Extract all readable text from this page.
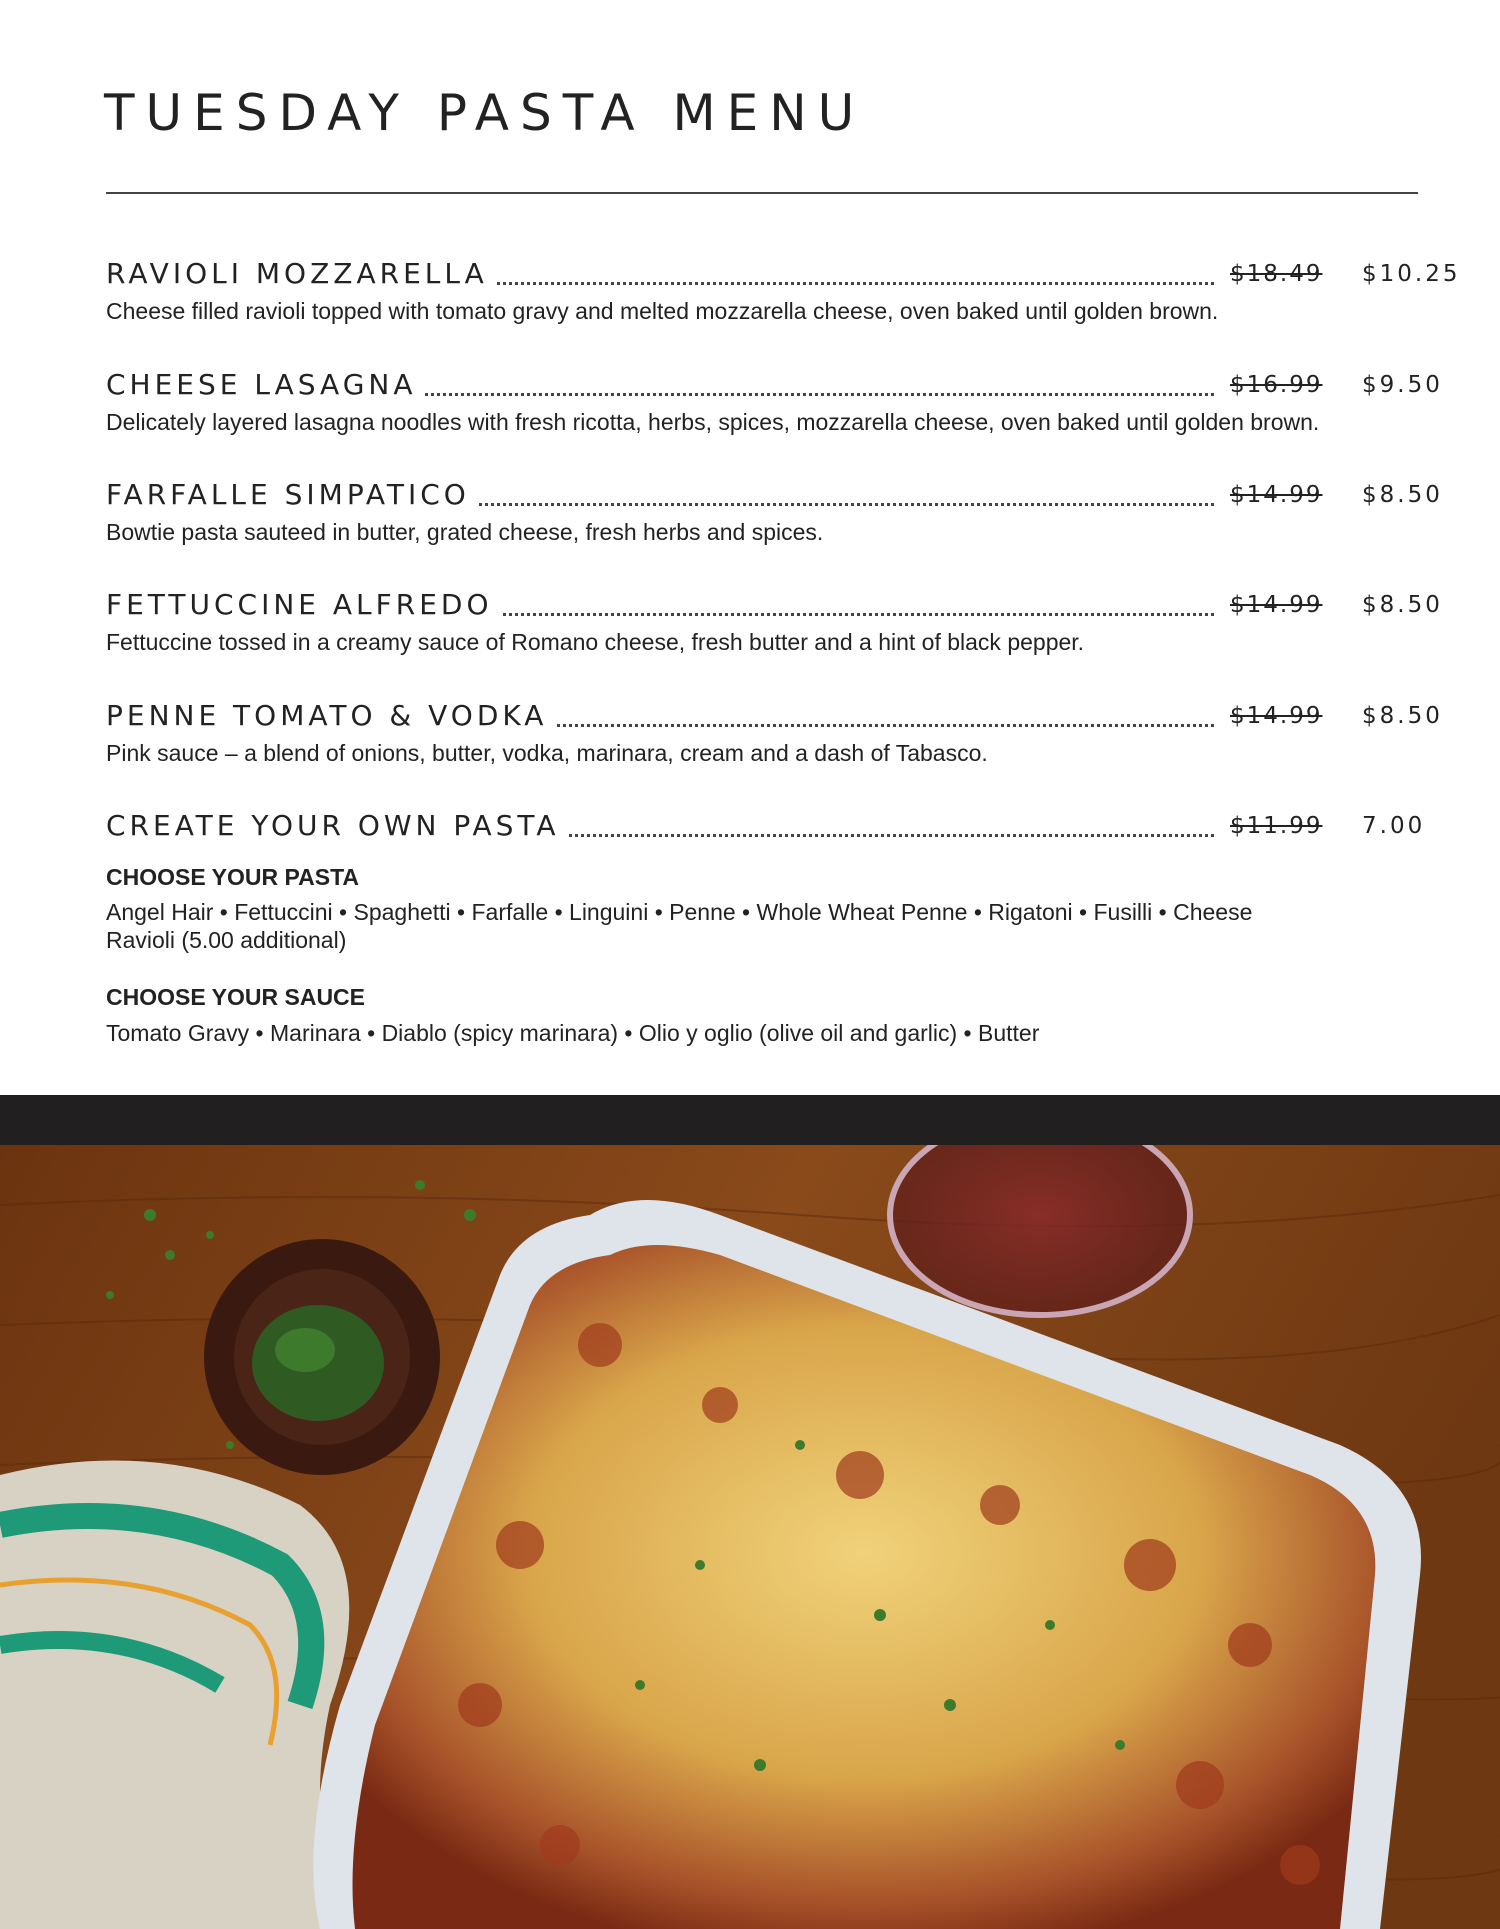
TUESDAY PASTA MENU
RAVIOLI MOZZARELLA	$18.49 $10.25
Cheese filled ravioli topped with tomato gravy and melted mozzarella cheese, oven baked until golden brown.
CHEESE LASAGNA	$16.99 $9.50
Delicately layered lasagna noodles with fresh ricotta, herbs, spices, mozzarella cheese, oven baked until golden brown.
FARFALLE SIMPATICO	$14.99 $8.50
Bowtie pasta sauteed in butter, grated cheese, fresh herbs and spices.
FETTUCCINE ALFREDO	$14.99 $8.50
Fettuccine tossed in a creamy sauce of Romano cheese, fresh butter and a hint of black pepper.
PENNE TOMATO & VODKA	$14.99 $8.50
Pink sauce – a blend of onions, butter, vodka, marinara, cream and a dash of Tabasco.
CREATE YOUR OWN PASTA	$11.99 7.00
CHOOSE YOUR PASTA
Angel Hair • Fettuccini • Spaghetti • Farfalle • Linguini • Penne • Whole Wheat Penne • Rigatoni • Fusilli • Cheese Ravioli (5.00 additional)
CHOOSE YOUR SAUCE
Tomato Gravy • Marinara • Diablo (spicy marinara) • Olio y oglio (olive oil and garlic) • Butter
